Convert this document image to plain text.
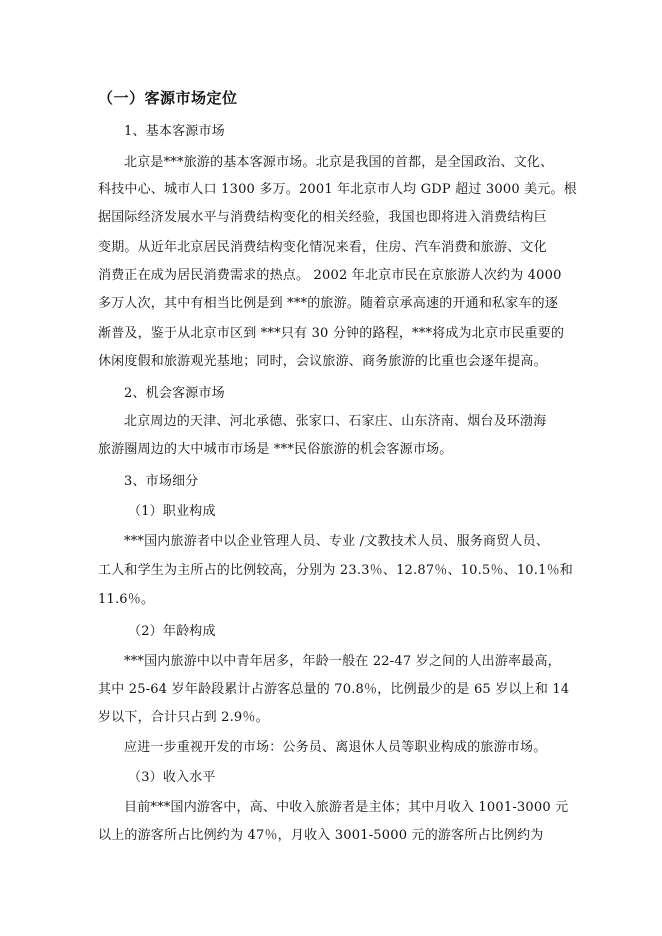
（一）客源市场定位
1、基本客源市场
北京是***旅游的基本客源市场。北京是我国的首都，是全国政治、文化、
科技中心、城市人口 1300 多万。2001 年北京市人均 GDP 超过 3000 美元。根
据国际经济发展水平与消费结构变化的相关经验，我国也即将进入消费结构巨
变期。从近年北京居民消费结构变化情况来看，住房、汽车消费和旅游、文化
消费正在成为居民消费需求的热点。 2002 年北京市民在京旅游人次约为 4000
多万人次，其中有相当比例是到 ***的旅游。随着京承高速的开通和私家车的逐
渐普及，鉴于从北京市区到 ***只有 30 分钟的路程，***将成为北京市民重要的
休闲度假和旅游观光基地；同时，会议旅游、商务旅游的比重也会逐年提高。
2、机会客源市场
北京周边的天津、河北承德、张家口、石家庄、山东济南、烟台及环渤海
旅游圈周边的大中城市市场是 ***民俗旅游的机会客源市场。
3、市场细分
（1）职业构成
***国内旅游者中以企业管理人员、专业 /文教技术人员、服务商贸人员、
工人和学生为主所占的比例较高，分别为 23.3％、12.87％、10.5％、10.1％和
11.6％。
（2）年龄构成
***国内旅游中以中青年居多，年龄一般在 22-47 岁之间的人出游率最高，
其中 25-64 岁年龄段累计占游客总量的 70.8％，比例最少的是 65 岁以上和 14
岁以下，合计只占到 2.9％。
应进一步重视开发的市场：公务员、离退休人员等职业构成的旅游市场。
（3）收入水平
目前***国内游客中，高、中收入旅游者是主体；其中月收入 1001-3000 元
以上的游客所占比例约为 47％，月收入 3001-5000 元的游客所占比例约为
